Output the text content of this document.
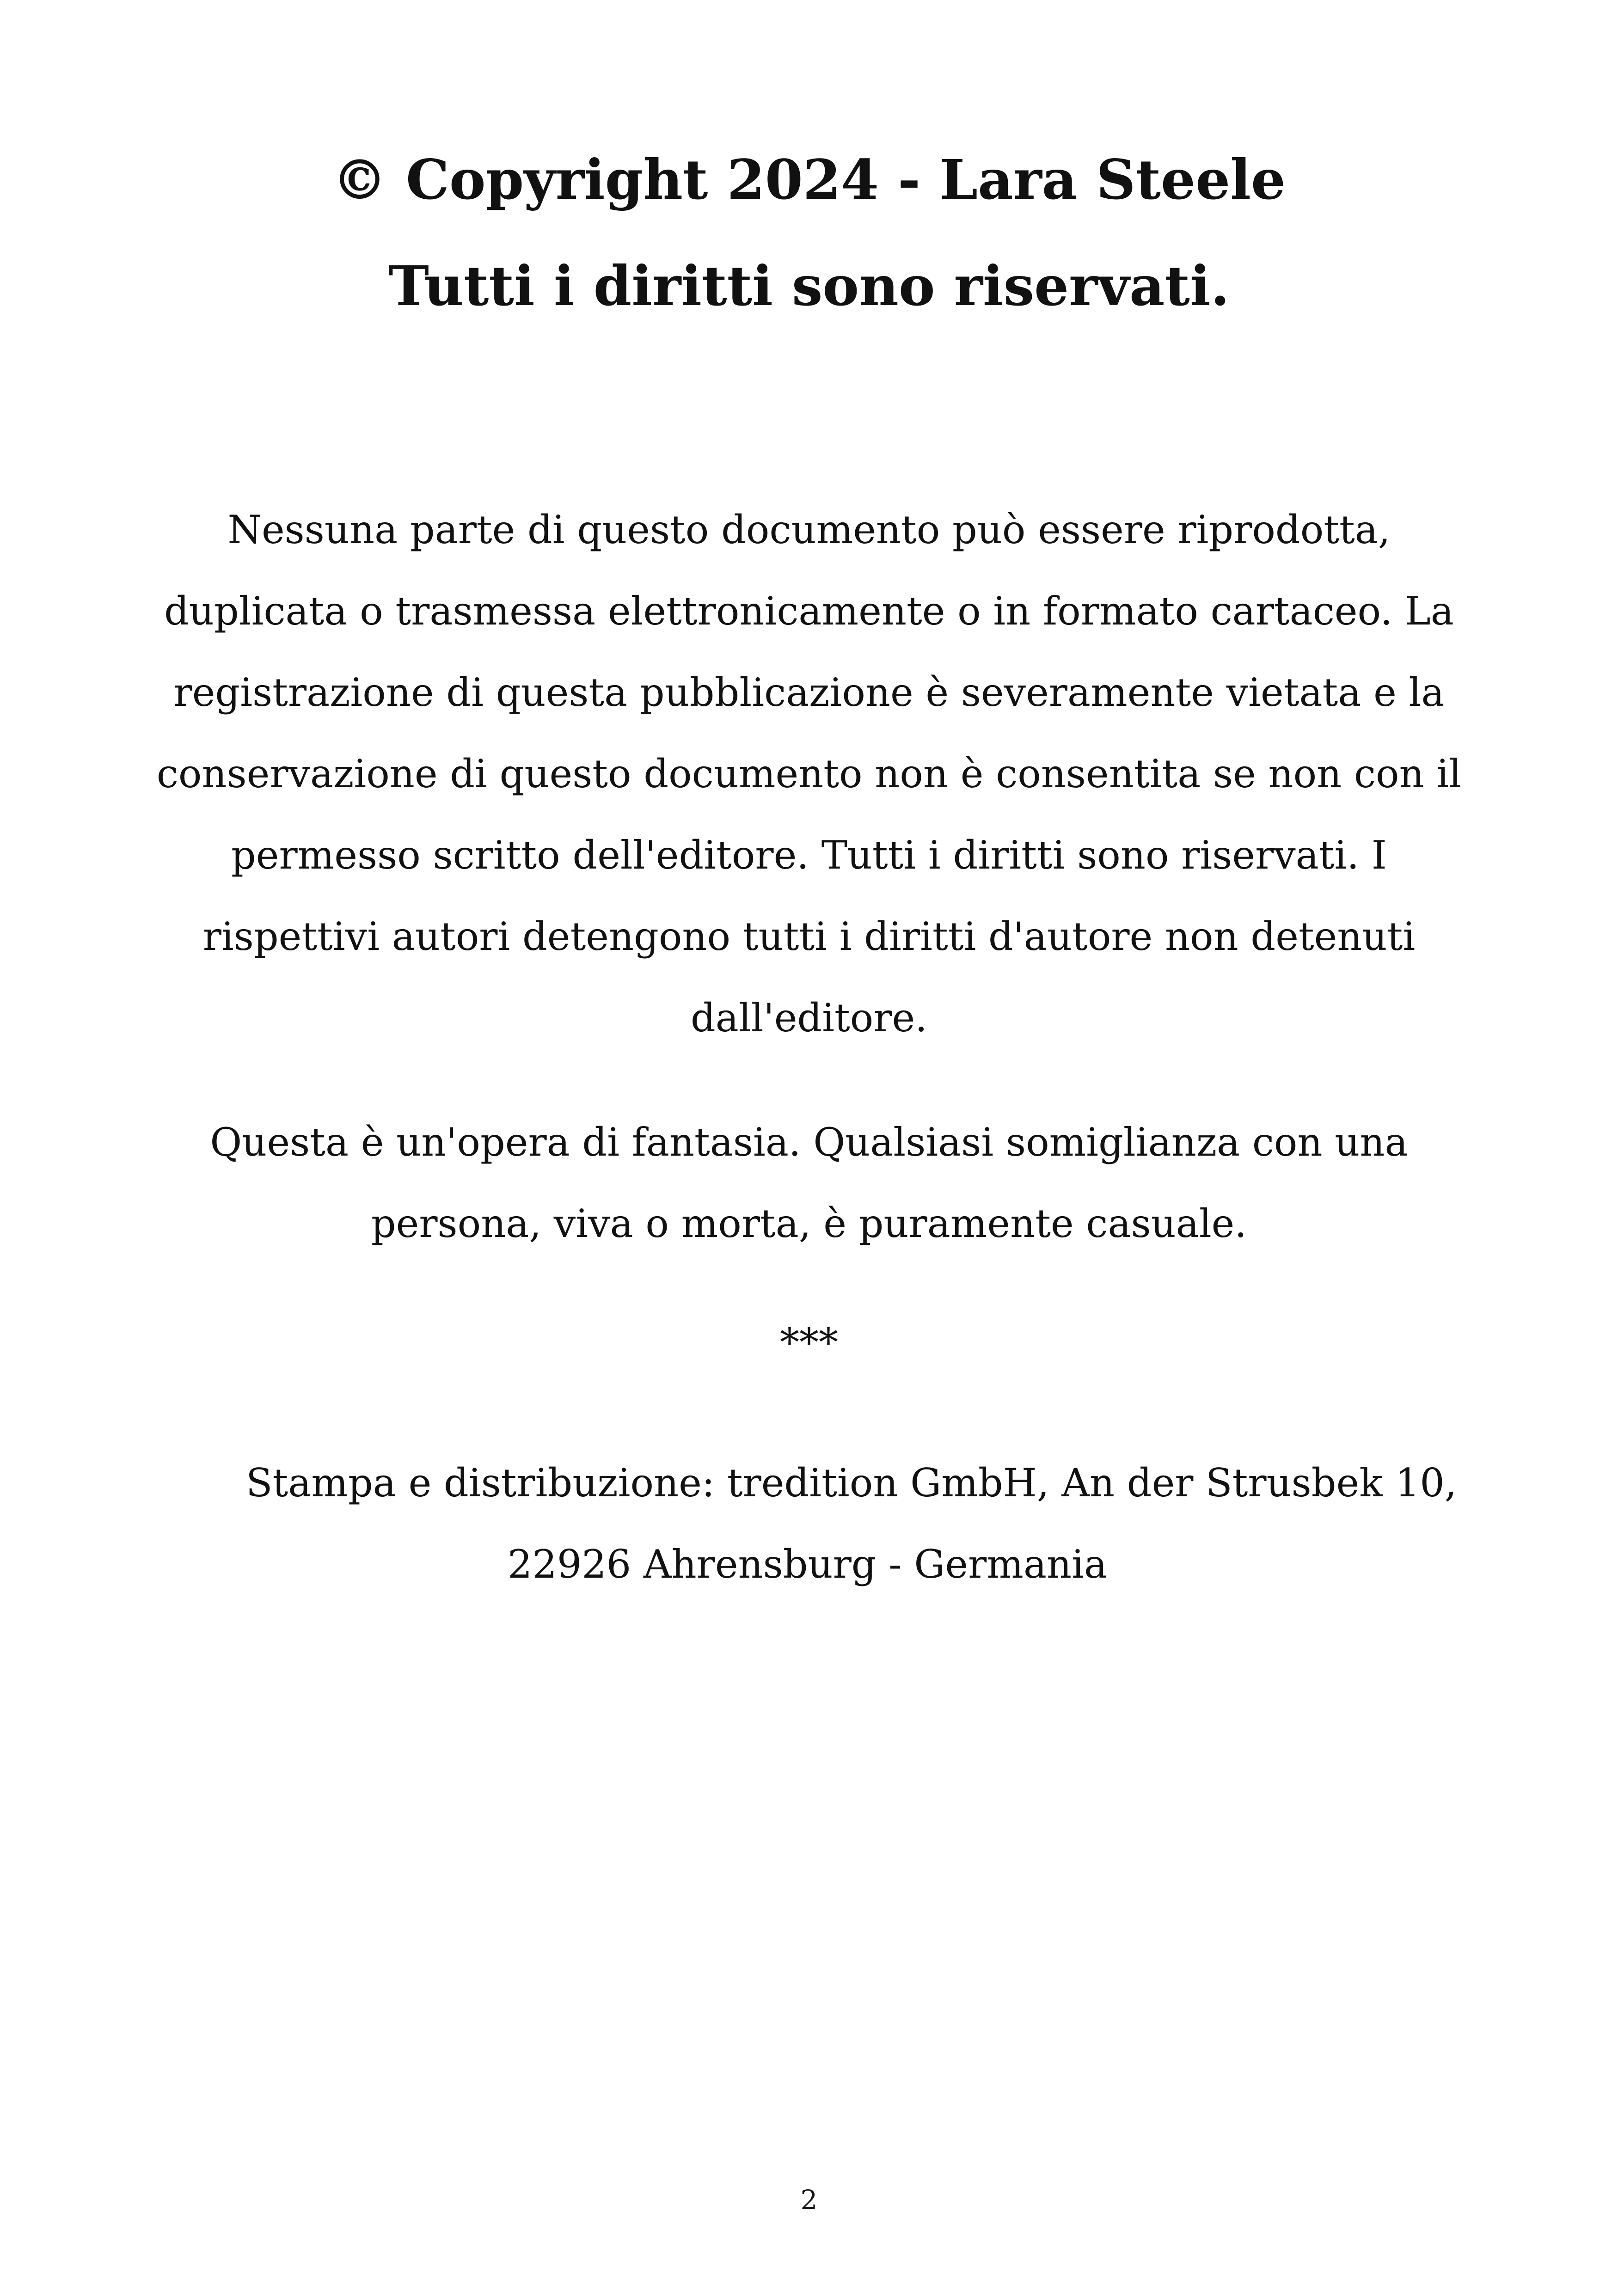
© Copyright 2024 - Lara Steele
Tutti i diritti sono riservati.
Nessuna parte di questo documento può essere riprodotta,
duplicata o trasmessa elettronicamente o in formato cartaceo. La
registrazione di questa pubblicazione è severamente vietata e la
conservazione di questo documento non è consentita se non con il
permesso scritto dell'editore. Tutti i diritti sono riservati. I
rispettivi autori detengono tutti i diritti d'autore non detenuti
dall'editore.
Questa è un'opera di fantasia. Qualsiasi somiglianza con una
persona, viva o morta, è puramente casuale.
***
Stampa e distribuzione: tredition GmbH, An der Strusbek 10,
22926 Ahrensburg - Germania
2
